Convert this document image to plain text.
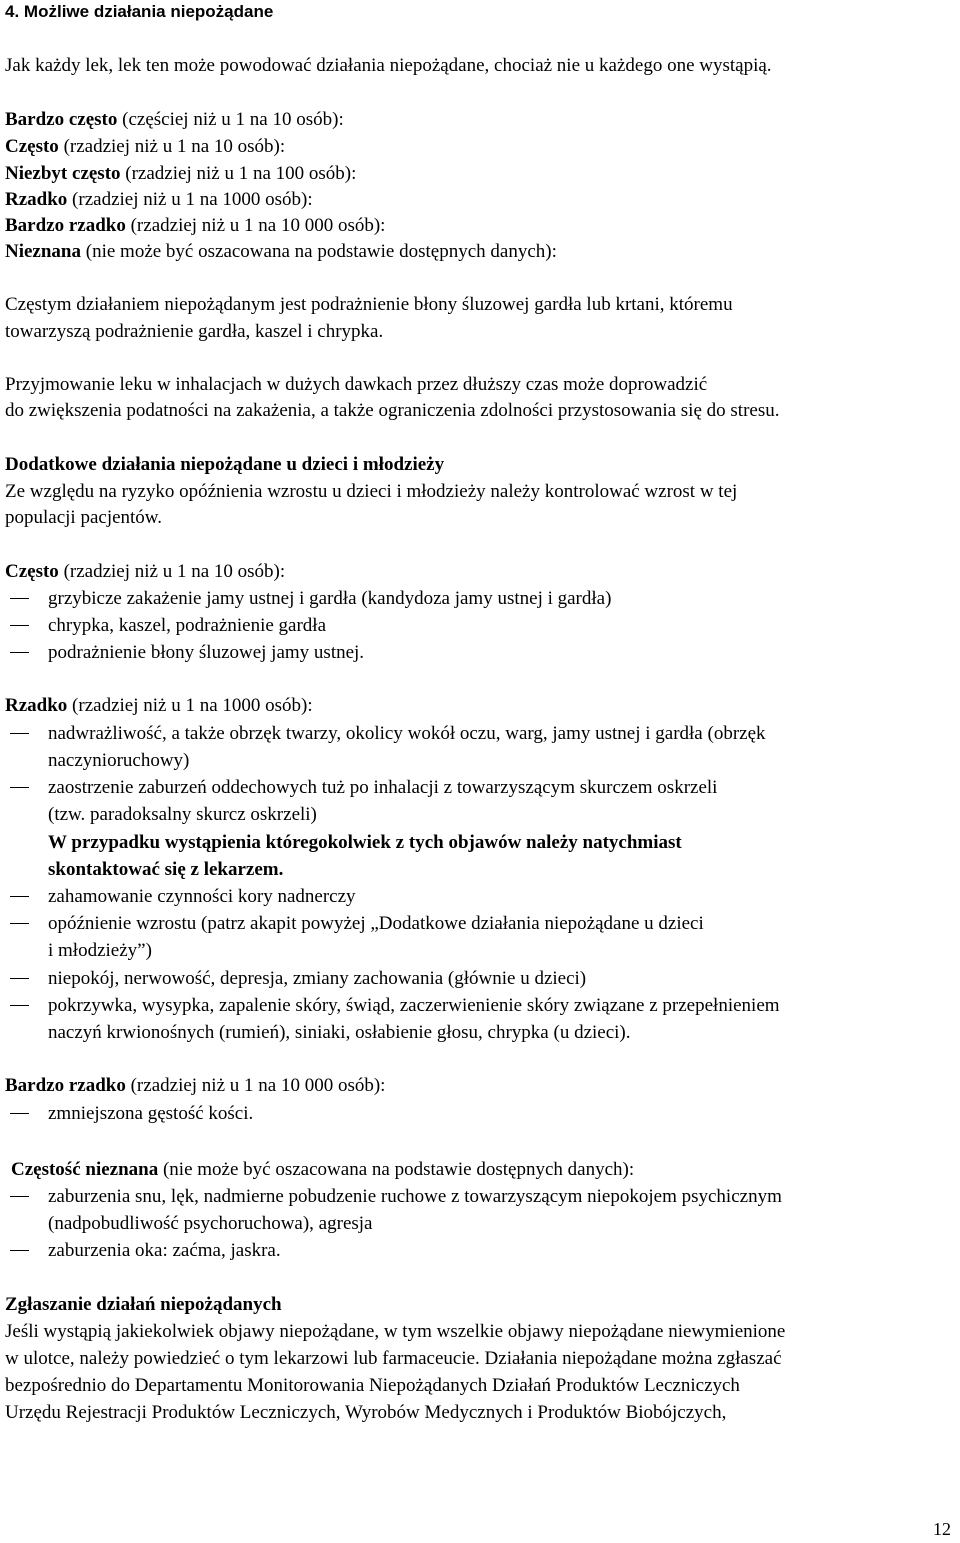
4. Możliwe działania niepożądane
Jak każdy lek, lek ten może powodować działania niepożądane, chociaż nie u każdego one wystąpią.
Bardzo często (częściej niż u 1 na 10 osób):
Często (rzadziej niż u 1 na 10 osób):
Niezbyt często (rzadziej niż u 1 na 100 osób):
Rzadko (rzadziej niż u 1 na 1000 osób):
Bardzo rzadko (rzadziej niż u 1 na 10 000 osób):
Nieznana (nie może być oszacowana na podstawie dostępnych danych):
Częstym działaniem niepożądanym jest podrażnienie błony śluzowej gardła lub krtani, któremu
towarzyszą podrażnienie gardła, kaszel i chrypka.
Przyjmowanie leku w inhalacjach w dużych dawkach przez dłuższy czas może doprowadzić
do zwiększenia podatności na zakażenia, a także ograniczenia zdolności przystosowania się do stresu.
Dodatkowe działania niepożądane u dzieci i młodzieży
Ze względu na ryzyko opóźnienia wzrostu u dzieci i młodzieży należy kontrolować wzrost w tej
populacji pacjentów.
Często (rzadziej niż u 1 na 10 osób):
grzybicze zakażenie jamy ustnej i gardła (kandydoza jamy ustnej i gardła)
chrypka, kaszel, podrażnienie gardła
podrażnienie błony śluzowej jamy ustnej.
Rzadko (rzadziej niż u 1 na 1000 osób):
nadwrażliwość, a także obrzęk twarzy, okolicy wokół oczu, warg, jamy ustnej i gardła (obrzęk
naczynioruchowy)
zaostrzenie zaburzeń oddechowych tuż po inhalacji z towarzyszącym skurczem oskrzeli
(tzw. paradoksalny skurcz oskrzeli)
W przypadku wystąpienia któregokolwiek z tych objawów należy natychmiast
skontaktować się z lekarzem.
zahamowanie czynności kory nadnerczy
opóźnienie wzrostu (patrz akapit powyżej „Dodatkowe działania niepożądane u dzieci
i młodzieży”)
niepokój, nerwowość, depresja, zmiany zachowania (głównie u dzieci)
pokrzywka, wysypka, zapalenie skóry, świąd, zaczerwienienie skóry związane z przepełnieniem
naczyń krwionośnych (rumień), siniaki, osłabienie głosu, chrypka (u dzieci).
Bardzo rzadko (rzadziej niż u 1 na 10 000 osób):
zmniejszona gęstość kości.
Częstość nieznana (nie może być oszacowana na podstawie dostępnych danych):
zaburzenia snu, lęk, nadmierne pobudzenie ruchowe z towarzyszącym niepokojem psychicznym
(nadpobudliwość psychoruchowa), agresja
zaburzenia oka: zaćma, jaskra.
Zgłaszanie działań niepożądanych
Jeśli wystąpią jakiekolwiek objawy niepożądane, w tym wszelkie objawy niepożądane niewymienione
w ulotce, należy powiedzieć o tym lekarzowi lub farmaceucie. Działania niepożądane można zgłaszać
bezpośrednio do Departamentu Monitorowania Niepożądanych Działań Produktów Leczniczych
Urzędu Rejestracji Produktów Leczniczych, Wyrobów Medycznych i Produktów Biobójczych,
12
